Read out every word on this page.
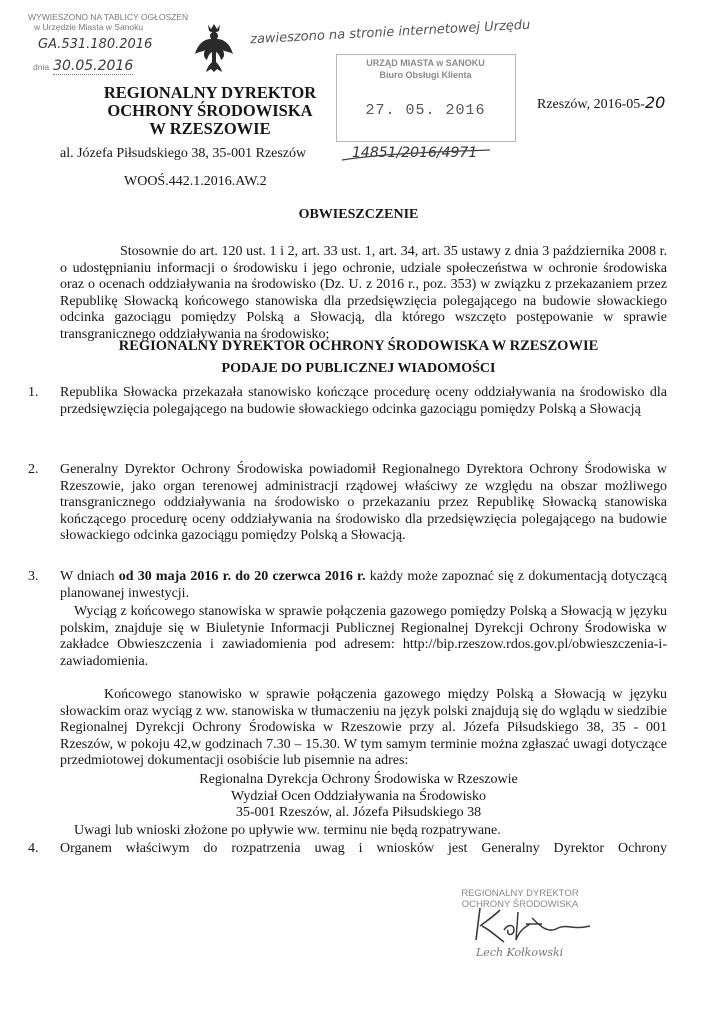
WYWIESZONO NA TABLICY OGŁOSZEŃ
w Urzędzie Miasta w Sanoku
GA.531.180.2016
dnia 30.05.2016
zawieszono na stronie internetowej Urzędu
REGIONALNY DYREKTOR
OCHRONY ŚRODOWISKA
W RZESZOWIE
al. Józefa Piłsudskiego 38, 35-001 Rzeszów
WOOŚ.442.1.2016.AW.2
URZĄD MIASTA w SANOKU
Biuro Obsługi Klienta
27. 05. 2016
14851/2016/4971
Rzeszów, 2016-05-20
OBWIESZCZENIE
Stosownie do art. 120 ust. 1 i 2, art. 33 ust. 1, art. 34, art. 35 ustawy z dnia 3 października 2008 r. o udostępnianiu informacji o środowisku i jego ochronie, udziale społeczeństwa w ochronie środowiska oraz o ocenach oddziaływania na środowisko (Dz. U. z 2016 r., poz. 353) w związku z przekazaniem przez Republikę Słowacką końcowego stanowiska dla przedsięwzięcia polegającego na budowie słowackiego odcinka gazociągu pomiędzy Polską a Słowacją, dla którego wszczęto postępowanie w sprawie transgranicznego oddziaływania na środowisko;
REGIONALNY DYREKTOR OCHRONY ŚRODOWISKA W RZESZOWIE
PODAJE DO PUBLICZNEJ WIADOMOŚCI
1. Republika Słowacka przekazała stanowisko kończące procedurę oceny oddziaływania na środowisko dla przedsięwzięcia polegającego na budowie słowackiego odcinka gazociągu pomiędzy Polską a Słowacją
2. Generalny Dyrektor Ochrony Środowiska powiadomił Regionalnego Dyrektora Ochrony Środowiska w Rzeszowie, jako organ terenowej administracji rządowej właściwy ze względu na obszar możliwego transgranicznego oddziaływania na środowisko o przekazaniu przez Republikę Słowacką stanowiska kończącego procedurę oceny oddziaływania na środowisko dla przedsięwzięcia polegającego na budowie słowackiego odcinka gazociągu pomiędzy Polską a Słowacją.
3. W dniach od 30 maja 2016 r. do 20 czerwca 2016 r. każdy może zapoznać się z dokumentacją dotyczącą planowanej inwestycji.
Wyciąg z końcowego stanowiska w sprawie połączenia gazowego pomiędzy Polską a Słowacją w języku polskim, znajduje się w Biuletynie Informacji Publicznej Regionalnej Dyrekcji Ochrony Środowiska w zakładce Obwieszczenia i zawiadomienia pod adresem: http://bip.rzeszow.rdos.gov.pl/obwieszczenia-i-zawiadomienia.
Końcowego stanowisko w sprawie połączenia gazowego między Polską a Słowacją w języku słowackim oraz wyciąg z ww. stanowiska w tłumaczeniu na język polski znajdują się do wglądu w siedzibie Regionalnej Dyrekcji Ochrony Środowiska w Rzeszowie przy al. Józefa Piłsudskiego 38, 35 - 001 Rzeszów, w pokoju 42,w godzinach 7.30 – 15.30. W tym samym terminie można zgłaszać uwagi dotyczące przedmiotowej dokumentacji osobiście lub pisemnie na adres:
Regionalna Dyrekcja Ochrony Środowiska w Rzeszowie
Wydział Ocen Oddziaływania na Środowisko
35-001 Rzeszów, al. Józefa Piłsudskiego 38
Uwagi lub wnioski złożone po upływie ww. terminu nie będą rozpatrywane.
4. Organem właściwym do rozpatrzenia uwag i wniosków jest Generalny Dyrektor Ochrony
REGIONALNY DYREKTOR
OCHRONY ŚRODOWISKA
Lech Kołkowski
